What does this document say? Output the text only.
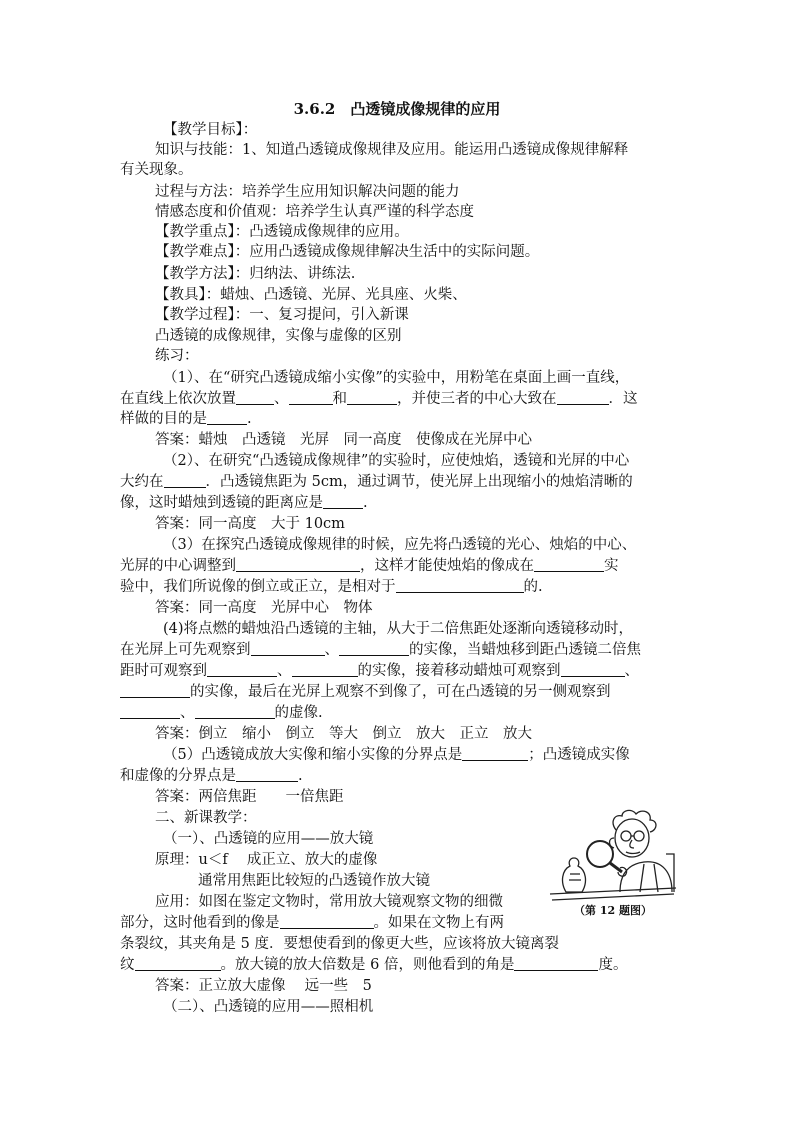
3.6.2　凸透镜成像规律的应用
【教学目标】：
知识与技能：1、知道凸透镜成像规律及应用。能运用凸透镜成像规律解释
有关现象。
过程与方法：培养学生应用知识解决问题的能力
情感态度和价值观：培养学生认真严谨的科学态度
【教学重点】：凸透镜成像规律的应用。
【教学难点】：应用凸透镜成像规律解决生活中的实际问题。
【教学方法】：归纳法、讲练法.
【教具】：蜡烛、凸透镜、光屏、光具座、火柴、
【教学过程】：一、复习提问，引入新课
凸透镜的成像规律，实像与虚像的区别
练习：
（1）、在“研究凸透镜成缩小实像”的实验中，用粉笔在桌面上画一直线，
在直线上依次放置	、	和	，并使三者的中心大致在	．这
样做的目的是	.
答案：蜡烛　凸透镜　光屏　同一高度　使像成在光屏中心
（2）、在研究“凸透镜成像规律”的实验时，应使烛焰，透镜和光屏的中心
大约在	．凸透镜焦距为 5cm，通过调节，使光屏上出现缩小的烛焰清晰的
像，这时蜡烛到透镜的距离应是	.
答案：同一高度　大于 10cm
（3）在探究凸透镜成像规律的时候，应先将凸透镜的光心、烛焰的中心、
光屏的中心调整到	，这样才能使烛焰的像成在	实
验中，我们所说像的倒立或正立，是相对于	的.
答案：同一高度　光屏中心　物体
(4)将点燃的蜡烛沿凸透镜的主轴，从大于二倍焦距处逐渐向透镜移动时，
在光屏上可先观察到	、	的实像，当蜡烛移到距凸透镜二倍焦
距时可观察到	、	的实像，接着移动蜡烛可观察到	、
的实像，最后在光屏上观察不到像了，可在凸透镜的另一侧观察到
、	的虚像.
答案：倒立　缩小　倒立　等大　倒立　放大　正立　放大
（5）凸透镜成放大实像和缩小实像的分界点是	；凸透镜成实像
和虚像的分界点是	.
答案：两倍焦距　　一倍焦距
二、新课教学：
（一）、凸透镜的应用——放大镜
原理：u＜f　 成正立、放大的虚像
通常用焦距比较短的凸透镜作放大镜
应用：如图在鉴定文物时，常用放大镜观察文物的细微
部分，这时他看到的像是	。如果在文物上有两
条裂纹，其夹角是 5 度．要想使看到的像更大些，应该将放大镜离裂
纹	。放大镜的放大倍数是 6 倍，则他看到的角是	度。
答案：正立放大虚像　 远一些　5
（二）、凸透镜的应用——照相机
（第 12 题图）
